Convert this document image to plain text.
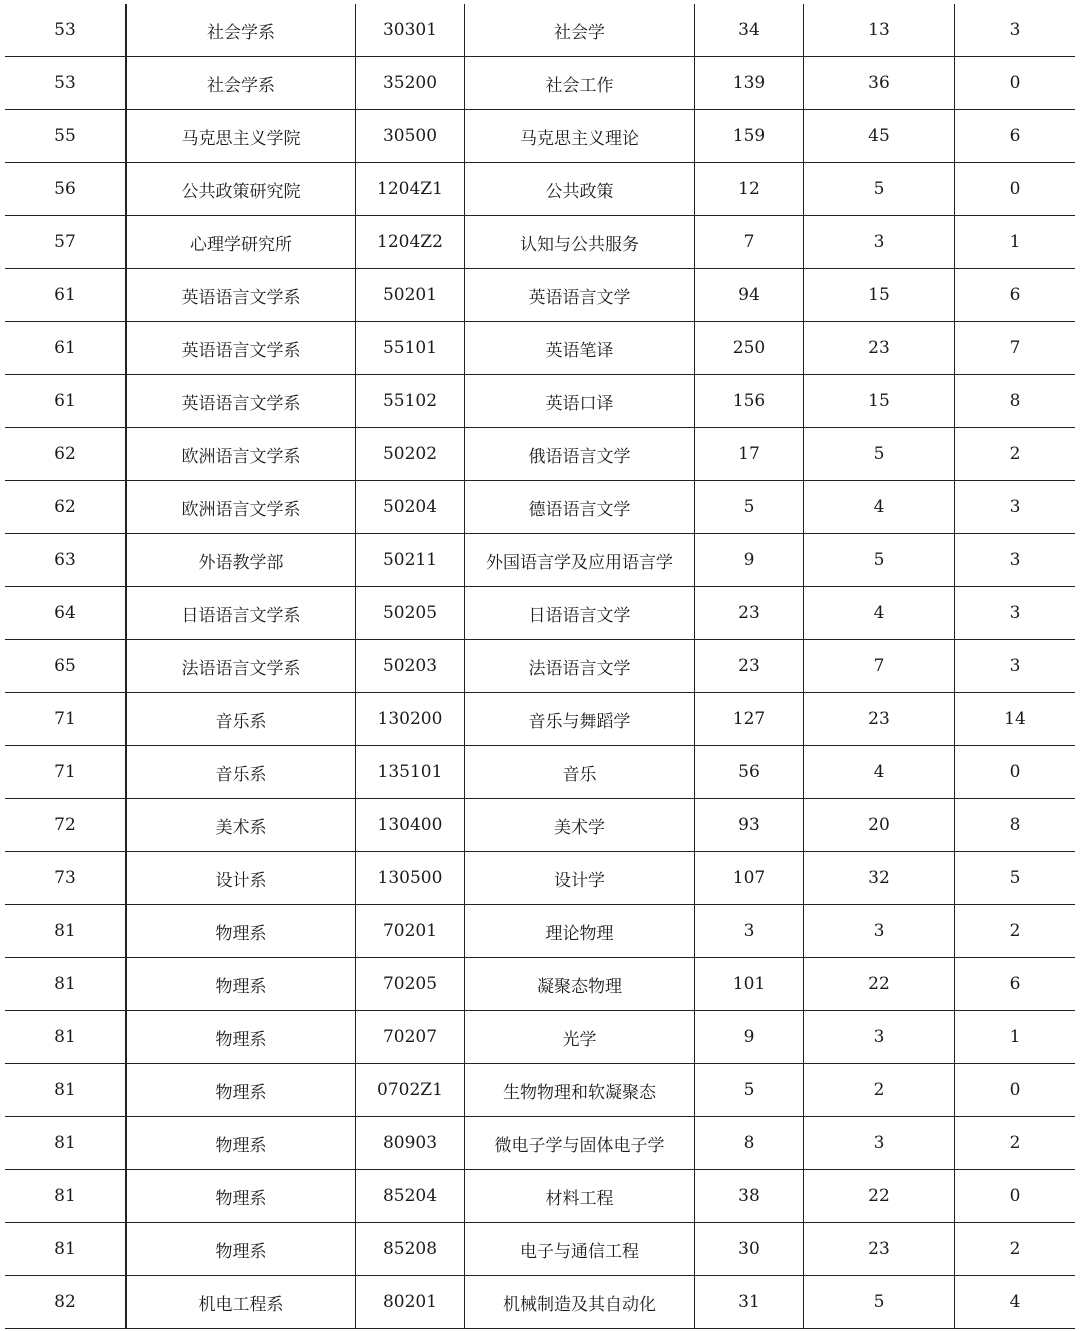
53	社会学系	30301	社会学	34	13	3
53	社会学系	35200	社会工作	139	36	0
55	马克思主义学院	30500	马克思主义理论	159	45	6
56	公共政策研究院	1204Z1	公共政策	12	5	0
57	心理学研究所	1204Z2	认知与公共服务	7	3	1
61	英语语言文学系	50201	英语语言文学	94	15	6
61	英语语言文学系	55101	英语笔译	250	23	7
61	英语语言文学系	55102	英语口译	156	15	8
62	欧洲语言文学系	50202	俄语语言文学	17	5	2
62	欧洲语言文学系	50204	德语语言文学	5	4	3
63	外语教学部	50211	外国语言学及应用语言学	9	5	3
64	日语语言文学系	50205	日语语言文学	23	4	3
65	法语语言文学系	50203	法语语言文学	23	7	3
71	音乐系	130200	音乐与舞蹈学	127	23	14
71	音乐系	135101	音乐	56	4	0
72	美术系	130400	美术学	93	20	8
73	设计系	130500	设计学	107	32	5
81	物理系	70201	理论物理	3	3	2
81	物理系	70205	凝聚态物理	101	22	6
81	物理系	70207	光学	9	3	1
81	物理系	0702Z1	生物物理和软凝聚态	5	2	0
81	物理系	80903	微电子学与固体电子学	8	3	2
81	物理系	85204	材料工程	38	22	0
81	物理系	85208	电子与通信工程	30	23	2
82	机电工程系	80201	机械制造及其自动化	31	5	4
